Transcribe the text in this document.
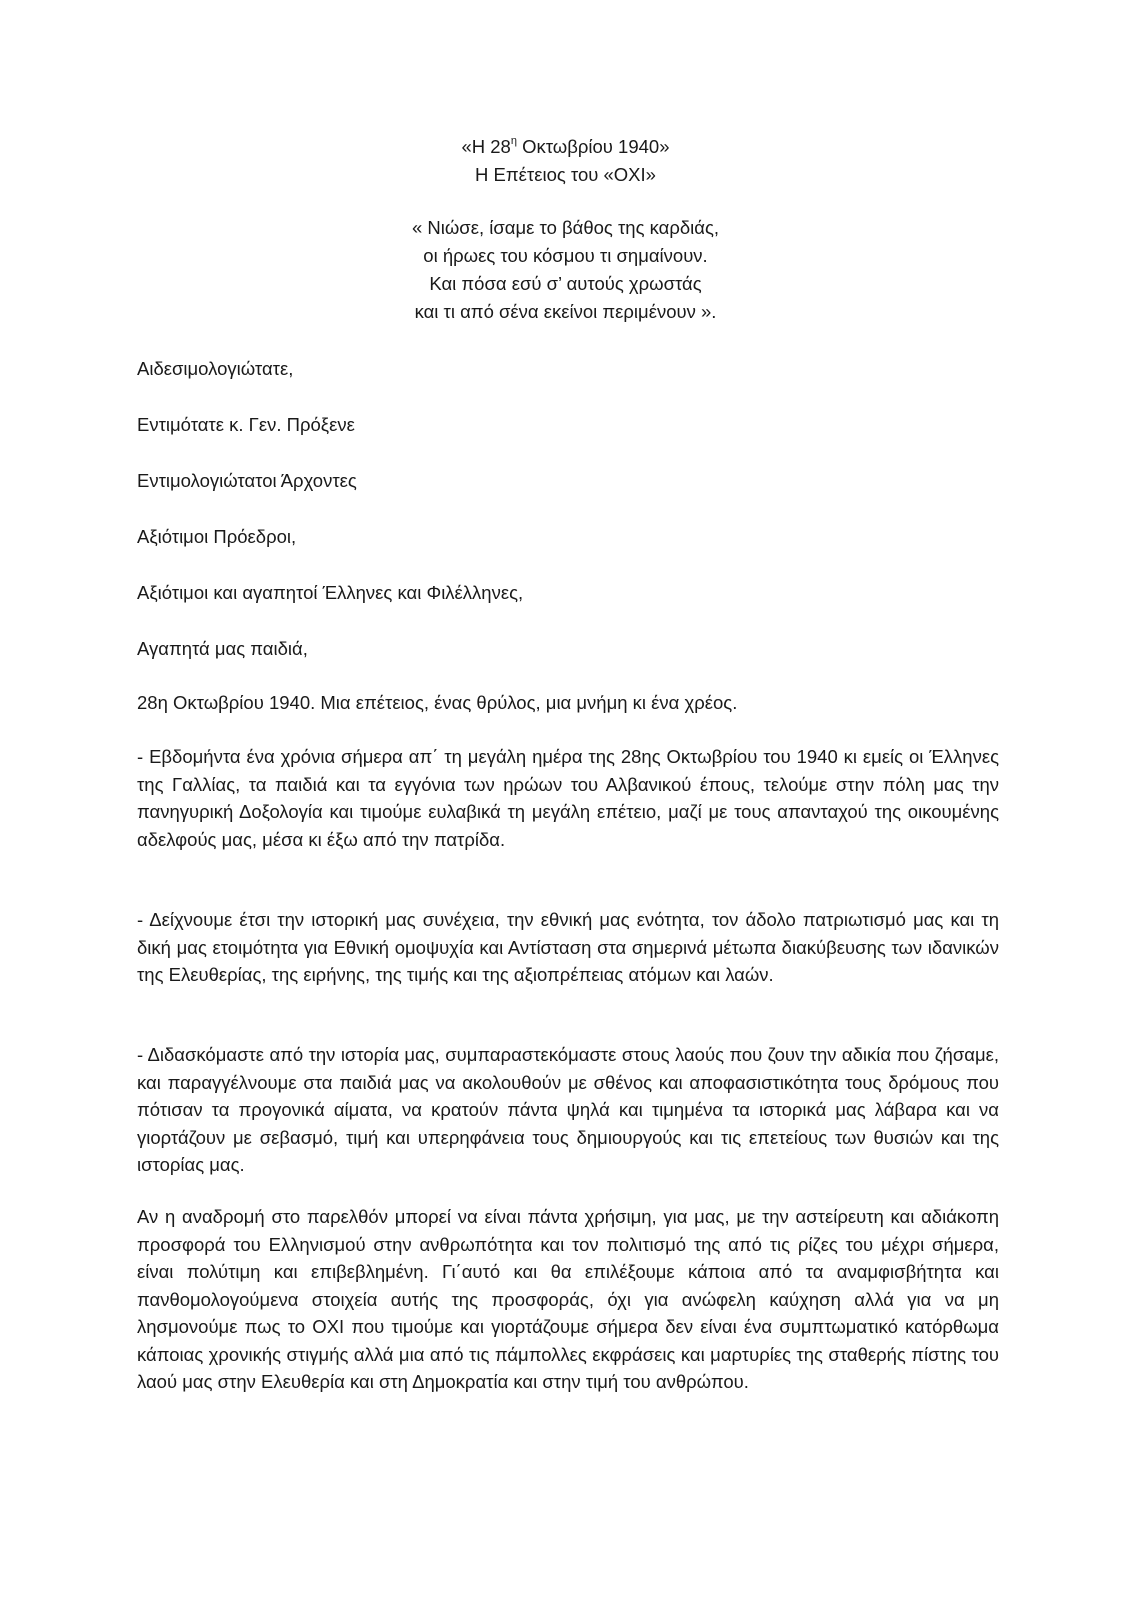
«Η $28^\eta$ Οκτωβρίου 1940»
Η Επέτειος του «ΟΧΙ»
« Νιώσε, ίσαμε το βάθος της καρδιάς,
οι ήρωες του κόσμου τι σημαίνουν.
Και πόσα εσύ σ’ αυτούς χρωστάς
και τι από σένα εκείνοι περιμένουν ».
Αιδεσιμολογιώτατε,
Εντιμότατε κ. Γεν. Πρόξενε
Εντιμολογιώτατοι Άρχοντες
Αξιότιμοι Πρόεδροι,
Αξιότιμοι και αγαπητοί Έλληνες και Φιλέλληνες,
Αγαπητά μας παιδιά,

28η Οκτωβρίου 1940. Μια επέτειος, ένας θρύλος, μια μνήμη κι ένα χρέος.

- Εβδομήντα ένα χρόνια σήμερα απ΄ τη μεγάλη ημέρα της 28ης Οκτωβρίου του 1940 κι εμείς οι Έλληνες της Γαλλίας, τα παιδιά και τα εγγόνια των ηρώων του Αλβανικού έπους, τελούμε στην πόλη μας την πανηγυρική Δοξολογία και τιμούμε ευλαβικά τη μεγάλη επέτειο, μαζί με τους απανταχού της οικουμένης αδελφούς μας, μέσα κι έξω από την πατρίδα.

- Δείχνουμε έτσι την ιστορική μας συνέχεια, την εθνική μας ενότητα, τον άδολο πατριωτισμό μας και τη δική μας ετοιμότητα για Εθνική ομοψυχία και Αντίσταση στα σημερινά μέτωπα διακύβευσης των ιδανικών της Ελευθερίας, της ειρήνης, της τιμής και της αξιοπρέπειας ατόμων και λαών.

- Διδασκόμαστε από την ιστορία μας, συμπαραστεκόμαστε στους λαούς που ζουν την αδικία που ζήσαμε, και παραγγέλνουμε στα παιδιά μας να ακολουθούν με σθένος και αποφασιστικότητα τους δρόμους που πότισαν τα προγονικά αίματα, να κρατούν πάντα ψηλά και τιμημένα τα ιστορικά μας λάβαρα και να γιορτάζουν με σεβασμό, τιμή και υπερηφάνεια τους δημιουργούς και τις επετείους των θυσιών και της ιστορίας μας.

Αν η αναδρομή στο παρελθόν μπορεί να είναι πάντα χρήσιμη, για μας, με την αστείρευτη και αδιάκοπη προσφορά του Ελληνισμού στην ανθρωπότητα και τον πολιτισμό της από τις ρίζες του μέχρι σήμερα, είναι πολύτιμη και επιβεβλημένη. Γι΄αυτό και θα επιλέξουμε κάποια από τα αναμφισβήτητα και πανθομολογούμενα στοιχεία αυτής της προσφοράς, όχι για ανώφελη καύχηση αλλά για να μη λησμονούμε πως το ΟΧΙ που τιμούμε και γιορτάζουμε σήμερα δεν είναι ένα συμπτωματικό κατόρθωμα κάποιας χρονικής στιγμής αλλά μια από τις πάμπολλες εκφράσεις και μαρτυρίες της σταθερής πίστης του λαού μας στην Ελευθερία και στη Δημοκρατία και στην τιμή του ανθρώπου.
